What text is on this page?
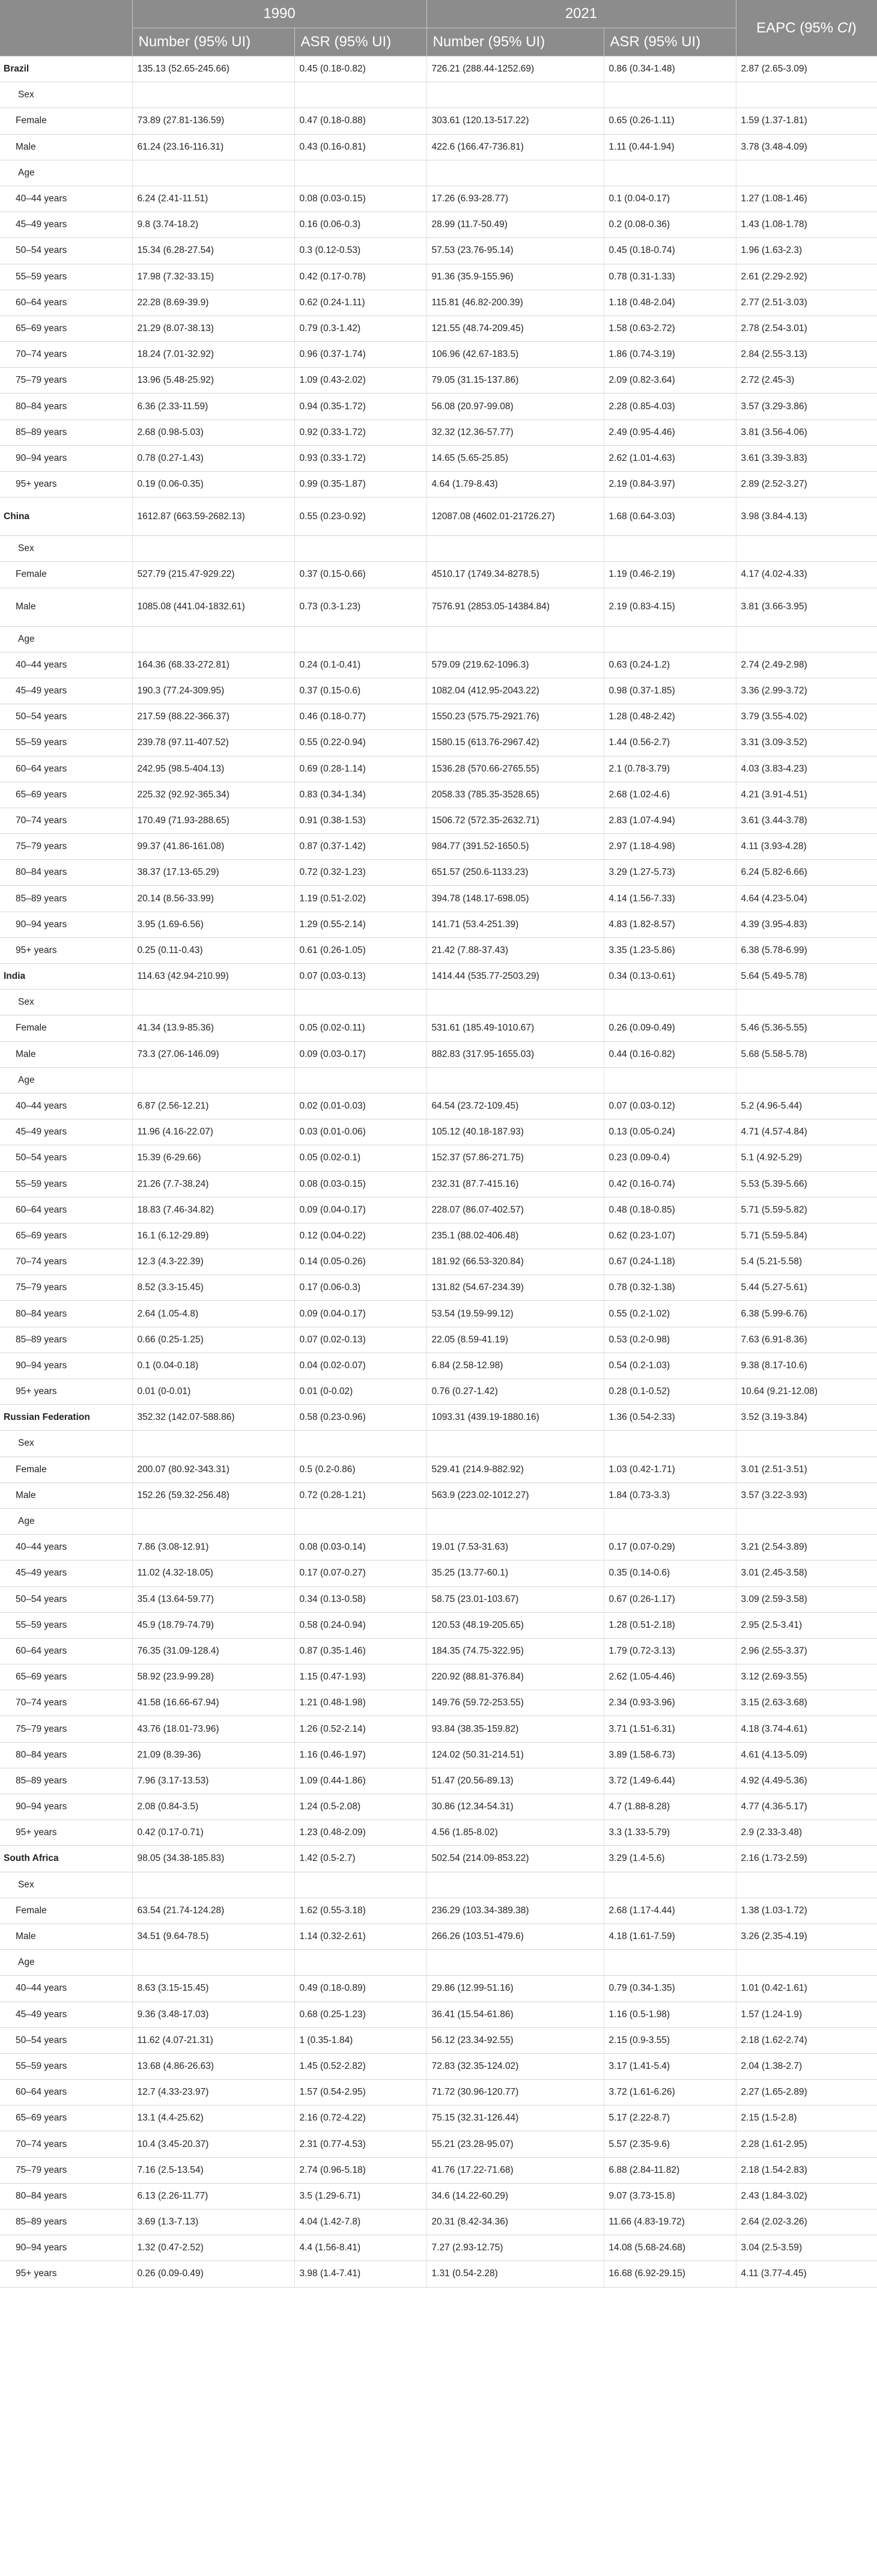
	1990		2021		EAPC (95% CI)
	Number (95% UI)	ASR (95% UI)	Number (95% UI)	ASR (95% UI)	
Brazil	135.13 (52.65-245.66)	0.45 (0.18-0.82)	726.21 (288.44-1252.69)	0.86 (0.34-1.48)	2.87 (2.65-3.09)
Sex					
Female	73.89 (27.81-136.59)	0.47 (0.18-0.88)	303.61 (120.13-517.22)	0.65 (0.26-1.11)	1.59 (1.37-1.81)
Male	61.24 (23.16-116.31)	0.43 (0.16-0.81)	422.6 (166.47-736.81)	1.11 (0.44-1.94)	3.78 (3.48-4.09)
Age					
40–44 years	6.24 (2.41-11.51)	0.08 (0.03-0.15)	17.26 (6.93-28.77)	0.1 (0.04-0.17)	1.27 (1.08-1.46)
45–49 years	9.8 (3.74-18.2)	0.16 (0.06-0.3)	28.99 (11.7-50.49)	0.2 (0.08-0.36)	1.43 (1.08-1.78)
50–54 years	15.34 (6.28-27.54)	0.3 (0.12-0.53)	57.53 (23.76-95.14)	0.45 (0.18-0.74)	1.96 (1.63-2.3)
55–59 years	17.98 (7.32-33.15)	0.42 (0.17-0.78)	91.36 (35.9-155.96)	0.78 (0.31-1.33)	2.61 (2.29-2.92)
60–64 years	22.28 (8.69-39.9)	0.62 (0.24-1.11)	115.81 (46.82-200.39)	1.18 (0.48-2.04)	2.77 (2.51-3.03)
65–69 years	21.29 (8.07-38.13)	0.79 (0.3-1.42)	121.55 (48.74-209.45)	1.58 (0.63-2.72)	2.78 (2.54-3.01)
70–74 years	18.24 (7.01-32.92)	0.96 (0.37-1.74)	106.96 (42.67-183.5)	1.86 (0.74-3.19)	2.84 (2.55-3.13)
75–79 years	13.96 (5.48-25.92)	1.09 (0.43-2.02)	79.05 (31.15-137.86)	2.09 (0.82-3.64)	2.72 (2.45-3)
80–84 years	6.36 (2.33-11.59)	0.94 (0.35-1.72)	56.08 (20.97-99.08)	2.28 (0.85-4.03)	3.57 (3.29-3.86)
85–89 years	2.68 (0.98-5.03)	0.92 (0.33-1.72)	32.32 (12.36-57.77)	2.49 (0.95-4.46)	3.81 (3.56-4.06)
90–94 years	0.78 (0.27-1.43)	0.93 (0.33-1.72)	14.65 (5.65-25.85)	2.62 (1.01-4.63)	3.61 (3.39-3.83)
95+ years	0.19 (0.06-0.35)	0.99 (0.35-1.87)	4.64 (1.79-8.43)	2.19 (0.84-3.97)	2.89 (2.52-3.27)
China	1612.87 (663.59-2682.13)	0.55 (0.23-0.92)	12087.08 (4602.01-21726.27)	1.68 (0.64-3.03)	3.98 (3.84-4.13)
Sex					
Female	527.79 (215.47-929.22)	0.37 (0.15-0.66)	4510.17 (1749.34-8278.5)	1.19 (0.46-2.19)	4.17 (4.02-4.33)
Male	1085.08 (441.04-1832.61)	0.73 (0.3-1.23)	7576.91 (2853.05-14384.84)	2.19 (0.83-4.15)	3.81 (3.66-3.95)
Age					
40–44 years	164.36 (68.33-272.81)	0.24 (0.1-0.41)	579.09 (219.62-1096.3)	0.63 (0.24-1.2)	2.74 (2.49-2.98)
45–49 years	190.3 (77.24-309.95)	0.37 (0.15-0.6)	1082.04 (412.95-2043.22)	0.98 (0.37-1.85)	3.36 (2.99-3.72)
50–54 years	217.59 (88.22-366.37)	0.46 (0.18-0.77)	1550.23 (575.75-2921.76)	1.28 (0.48-2.42)	3.79 (3.55-4.02)
55–59 years	239.78 (97.11-407.52)	0.55 (0.22-0.94)	1580.15 (613.76-2967.42)	1.44 (0.56-2.7)	3.31 (3.09-3.52)
60–64 years	242.95 (98.5-404.13)	0.69 (0.28-1.14)	1536.28 (570.66-2765.55)	2.1 (0.78-3.79)	4.03 (3.83-4.23)
65–69 years	225.32 (92.92-365.34)	0.83 (0.34-1.34)	2058.33 (785.35-3528.65)	2.68 (1.02-4.6)	4.21 (3.91-4.51)
70–74 years	170.49 (71.93-288.65)	0.91 (0.38-1.53)	1506.72 (572.35-2632.71)	2.83 (1.07-4.94)	3.61 (3.44-3.78)
75–79 years	99.37 (41.86-161.08)	0.87 (0.37-1.42)	984.77 (391.52-1650.5)	2.97 (1.18-4.98)	4.11 (3.93-4.28)
80–84 years	38.37 (17.13-65.29)	0.72 (0.32-1.23)	651.57 (250.6-1133.23)	3.29 (1.27-5.73)	6.24 (5.82-6.66)
85–89 years	20.14 (8.56-33.99)	1.19 (0.51-2.02)	394.78 (148.17-698.05)	4.14 (1.56-7.33)	4.64 (4.23-5.04)
90–94 years	3.95 (1.69-6.56)	1.29 (0.55-2.14)	141.71 (53.4-251.39)	4.83 (1.82-8.57)	4.39 (3.95-4.83)
95+ years	0.25 (0.11-0.43)	0.61 (0.26-1.05)	21.42 (7.88-37.43)	3.35 (1.23-5.86)	6.38 (5.78-6.99)
India	114.63 (42.94-210.99)	0.07 (0.03-0.13)	1414.44 (535.77-2503.29)	0.34 (0.13-0.61)	5.64 (5.49-5.78)
Sex					
Female	41.34 (13.9-85.36)	0.05 (0.02-0.11)	531.61 (185.49-1010.67)	0.26 (0.09-0.49)	5.46 (5.36-5.55)
Male	73.3 (27.06-146.09)	0.09 (0.03-0.17)	882.83 (317.95-1655.03)	0.44 (0.16-0.82)	5.68 (5.58-5.78)
Age					
40–44 years	6.87 (2.56-12.21)	0.02 (0.01-0.03)	64.54 (23.72-109.45)	0.07 (0.03-0.12)	5.2 (4.96-5.44)
45–49 years	11.96 (4.16-22.07)	0.03 (0.01-0.06)	105.12 (40.18-187.93)	0.13 (0.05-0.24)	4.71 (4.57-4.84)
50–54 years	15.39 (6-29.66)	0.05 (0.02-0.1)	152.37 (57.86-271.75)	0.23 (0.09-0.4)	5.1 (4.92-5.29)
55–59 years	21.26 (7.7-38.24)	0.08 (0.03-0.15)	232.31 (87.7-415.16)	0.42 (0.16-0.74)	5.53 (5.39-5.66)
60–64 years	18.83 (7.46-34.82)	0.09 (0.04-0.17)	228.07 (86.07-402.57)	0.48 (0.18-0.85)	5.71 (5.59-5.82)
65–69 years	16.1 (6.12-29.89)	0.12 (0.04-0.22)	235.1 (88.02-406.48)	0.62 (0.23-1.07)	5.71 (5.59-5.84)
70–74 years	12.3 (4.3-22.39)	0.14 (0.05-0.26)	181.92 (66.53-320.84)	0.67 (0.24-1.18)	5.4 (5.21-5.58)
75–79 years	8.52 (3.3-15.45)	0.17 (0.06-0.3)	131.82 (54.67-234.39)	0.78 (0.32-1.38)	5.44 (5.27-5.61)
80–84 years	2.64 (1.05-4.8)	0.09 (0.04-0.17)	53.54 (19.59-99.12)	0.55 (0.2-1.02)	6.38 (5.99-6.76)
85–89 years	0.66 (0.25-1.25)	0.07 (0.02-0.13)	22.05 (8.59-41.19)	0.53 (0.2-0.98)	7.63 (6.91-8.36)
90–94 years	0.1 (0.04-0.18)	0.04 (0.02-0.07)	6.84 (2.58-12.98)	0.54 (0.2-1.03)	9.38 (8.17-10.6)
95+ years	0.01 (0-0.01)	0.01 (0-0.02)	0.76 (0.27-1.42)	0.28 (0.1-0.52)	10.64 (9.21-12.08)
Russian Federation	352.32 (142.07-588.86)	0.58 (0.23-0.96)	1093.31 (439.19-1880.16)	1.36 (0.54-2.33)	3.52 (3.19-3.84)
Sex					
Female	200.07 (80.92-343.31)	0.5 (0.2-0.86)	529.41 (214.9-882.92)	1.03 (0.42-1.71)	3.01 (2.51-3.51)
Male	152.26 (59.32-256.48)	0.72 (0.28-1.21)	563.9 (223.02-1012.27)	1.84 (0.73-3.3)	3.57 (3.22-3.93)
Age					
40–44 years	7.86 (3.08-12.91)	0.08 (0.03-0.14)	19.01 (7.53-31.63)	0.17 (0.07-0.29)	3.21 (2.54-3.89)
45–49 years	11.02 (4.32-18.05)	0.17 (0.07-0.27)	35.25 (13.77-60.1)	0.35 (0.14-0.6)	3.01 (2.45-3.58)
50–54 years	35.4 (13.64-59.77)	0.34 (0.13-0.58)	58.75 (23.01-103.67)	0.67 (0.26-1.17)	3.09 (2.59-3.58)
55–59 years	45.9 (18.79-74.79)	0.58 (0.24-0.94)	120.53 (48.19-205.65)	1.28 (0.51-2.18)	2.95 (2.5-3.41)
60–64 years	76.35 (31.09-128.4)	0.87 (0.35-1.46)	184.35 (74.75-322.95)	1.79 (0.72-3.13)	2.96 (2.55-3.37)
65–69 years	58.92 (23.9-99.28)	1.15 (0.47-1.93)	220.92 (88.81-376.84)	2.62 (1.05-4.46)	3.12 (2.69-3.55)
70–74 years	41.58 (16.66-67.94)	1.21 (0.48-1.98)	149.76 (59.72-253.55)	2.34 (0.93-3.96)	3.15 (2.63-3.68)
75–79 years	43.76 (18.01-73.96)	1.26 (0.52-2.14)	93.84 (38.35-159.82)	3.71 (1.51-6.31)	4.18 (3.74-4.61)
80–84 years	21.09 (8.39-36)	1.16 (0.46-1.97)	124.02 (50.31-214.51)	3.89 (1.58-6.73)	4.61 (4.13-5.09)
85–89 years	7.96 (3.17-13.53)	1.09 (0.44-1.86)	51.47 (20.56-89.13)	3.72 (1.49-6.44)	4.92 (4.49-5.36)
90–94 years	2.08 (0.84-3.5)	1.24 (0.5-2.08)	30.86 (12.34-54.31)	4.7 (1.88-8.28)	4.77 (4.36-5.17)
95+ years	0.42 (0.17-0.71)	1.23 (0.48-2.09)	4.56 (1.85-8.02)	3.3 (1.33-5.79)	2.9 (2.33-3.48)
South Africa	98.05 (34.38-185.83)	1.42 (0.5-2.7)	502.54 (214.09-853.22)	3.29 (1.4-5.6)	2.16 (1.73-2.59)
Sex					
Female	63.54 (21.74-124.28)	1.62 (0.55-3.18)	236.29 (103.34-389.38)	2.68 (1.17-4.44)	1.38 (1.03-1.72)
Male	34.51 (9.64-78.5)	1.14 (0.32-2.61)	266.26 (103.51-479.6)	4.18 (1.61-7.59)	3.26 (2.35-4.19)
Age					
40–44 years	8.63 (3.15-15.45)	0.49 (0.18-0.89)	29.86 (12.99-51.16)	0.79 (0.34-1.35)	1.01 (0.42-1.61)
45–49 years	9.36 (3.48-17.03)	0.68 (0.25-1.23)	36.41 (15.54-61.86)	1.16 (0.5-1.98)	1.57 (1.24-1.9)
50–54 years	11.62 (4.07-21.31)	1 (0.35-1.84)	56.12 (23.34-92.55)	2.15 (0.9-3.55)	2.18 (1.62-2.74)
55–59 years	13.68 (4.86-26.63)	1.45 (0.52-2.82)	72.83 (32.35-124.02)	3.17 (1.41-5.4)	2.04 (1.38-2.7)
60–64 years	12.7 (4.33-23.97)	1.57 (0.54-2.95)	71.72 (30.96-120.77)	3.72 (1.61-6.26)	2.27 (1.65-2.89)
65–69 years	13.1 (4.4-25.62)	2.16 (0.72-4.22)	75.15 (32.31-126.44)	5.17 (2.22-8.7)	2.15 (1.5-2.8)
70–74 years	10.4 (3.45-20.37)	2.31 (0.77-4.53)	55.21 (23.28-95.07)	5.57 (2.35-9.6)	2.28 (1.61-2.95)
75–79 years	7.16 (2.5-13.54)	2.74 (0.96-5.18)	41.76 (17.22-71.68)	6.88 (2.84-11.82)	2.18 (1.54-2.83)
80–84 years	6.13 (2.26-11.77)	3.5 (1.29-6.71)	34.6 (14.22-60.29)	9.07 (3.73-15.8)	2.43 (1.84-3.02)
85–89 years	3.69 (1.3-7.13)	4.04 (1.42-7.8)	20.31 (8.42-34.36)	11.66 (4.83-19.72)	2.64 (2.02-3.26)
90–94 years	1.32 (0.47-2.52)	4.4 (1.56-8.41)	7.27 (2.93-12.75)	14.08 (5.68-24.68)	3.04 (2.5-3.59)
95+ years	0.26 (0.09-0.49)	3.98 (1.4-7.41)	1.31 (0.54-2.28)	16.68 (6.92-29.15)	4.11 (3.77-4.45)
